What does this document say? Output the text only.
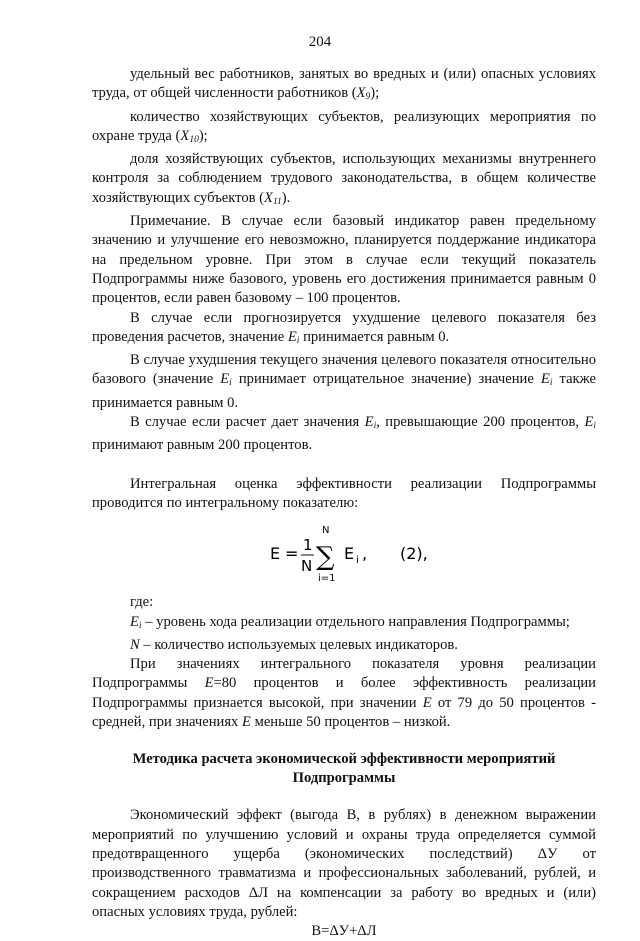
204

удельный вес работников, занятых во вредных и (или) опасных условиях труда, от общей численности работников $(X_9)$;

количество хозяйствующих субъектов, реализующих мероприятия по охране труда $(X_{10})$;

доля хозяйствующих субъектов, использующих механизмы внутреннего контроля за соблюдением трудового законодательства, в общем количестве хозяйствующих субъектов $(X_{11})$.

Примечание. В случае если базовый индикатор равен предельному значению и улучшение его невозможно, планируется поддержание индикатора на предельном уровне. При этом в случае если текущий показатель Подпрограммы ниже базового, уровень его достижения принимается равным 0 процентов, если равен базовому – 100 процентов.

В случае если прогнозируется ухудшение целевого показателя без проведения расчетов, значение $E_i$ принимается равным 0.

В случае ухудшения текущего значения целевого показателя относительно базового (значение $E_i$ принимает отрицательное значение) значение $E_i$ также принимается равным 0.

В случае если расчет дает значения $E_i$, превышающие 200 процентов, $E_i$ принимают равным 200 процентов.

Интегральная оценка эффективности реализации Подпрограммы проводится по интегральному показателю:

E = 1
N
N
∑
i=1
E i , (2),

где:

$E_i$ – уровень хода реализации отдельного направления Подпрограммы;

N – количество используемых целевых индикаторов.

При значениях интегрального показателя уровня реализации Подпрограммы E=80 процентов и более эффективность реализации Подпрограммы признается высокой, при значении E от 79 до 50 процентов - средней, при значениях E меньше 50 процентов – низкой.

Методика расчета экономической эффективности мероприятий Подпрограммы

Экономический эффект (выгода В, в рублях) в денежном выражении мероприятий по улучшению условий и охраны труда определяется суммой предотвращенного ущерба (экономических последствий) ΔУ от производственного травматизма и профессиональных заболеваний, рублей, и сокращением расходов ΔЛ на компенсации за работу во вредных и (или) опасных условиях труда, рублей:

В=ΔУ+ΔЛ
